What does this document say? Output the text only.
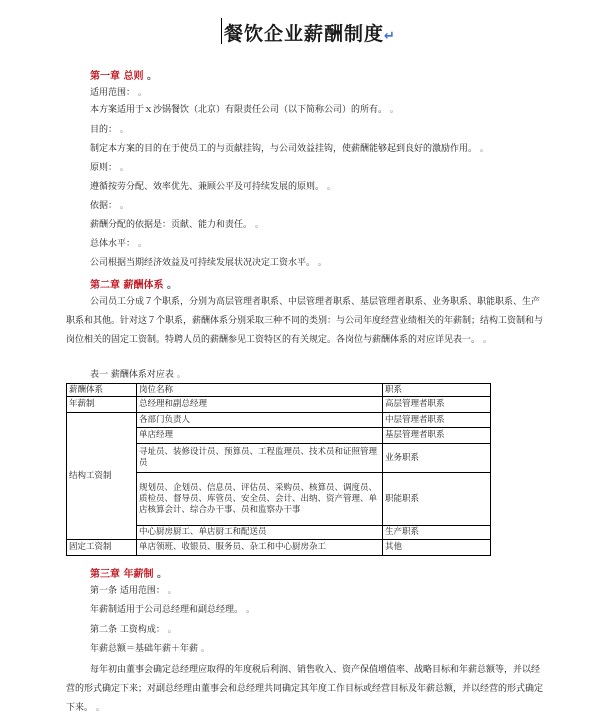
餐饮企业薪酬制度↵
第一章 总则 。
适用范围： 。
本方案适用于ｘ沙锅餐饮（北京）有限责任公司（以下简称公司）的所有。 。
目的： 。
制定本方案的目的在于使员工的与贡献挂钩，与公司效益挂钩，使薪酬能够起到良好的激励作用。 。
原则： 。
遵循按劳分配、效率优先、兼顾公平及可持续发展的原则。 。
依据： 。
薪酬分配的依据是：贡献、能力和责任。 。
总体水平： 。
公司根据当期经济效益及可持续发展状况决定工资水平。 。
第二章 薪酬体系 。
公司员工分成７个职系，分别为高层管理者职系、中层管理者职系、基层管理者职系、业务职系、职能职系、生产职系和其他。针对这７个职系，薪酬体系分别采取三种不同的类别：与公司年度经营业绩相关的年薪制；结构工资制和与岗位相关的固定工资制。特聘人员的薪酬参见工资特区的有关规定。各岗位与薪酬体系的对应详见表一。 。
表一 薪酬体系对应表 。
薪酬体系	岗位名称	职系
年薪制	总经理和副总经理	高层管理者职系
结构工资制	各部门负责人	中层管理者职系
	单店经理	基层管理者职系
	寻址员、装修设计员、预算员、工程监理员、技术员和证照管理员	业务职系
	规划员、企划员、信息员、评估员、采购员、核算员、调度员、质检员、督导员、库管员、安全员、会计、出纳、资产管理、单店核算会计、综合办干事、员和监察办干事	职能职系
	中心厨房厨工、单店厨工和配送员	生产职系
固定工资制	单店领班、收银员、服务员、杂工和中心厨房杂工	其他
第三章 年薪制 。
第一条 适用范围： 。
年薪制适用于公司总经理和副总经理。 。
第二条 工资构成： 。
年薪总额＝基础年薪＋年薪 。
每年初由董事会确定总经理应取得的年度税后利润、销售收入、资产保值增值率、战略目标和年薪总额等，并以经营的形式确定下来；对副总经理由董事会和总经理共同确定其年度工作目标或经营目标及年薪总额，并以经营的形式确定下来。 。
